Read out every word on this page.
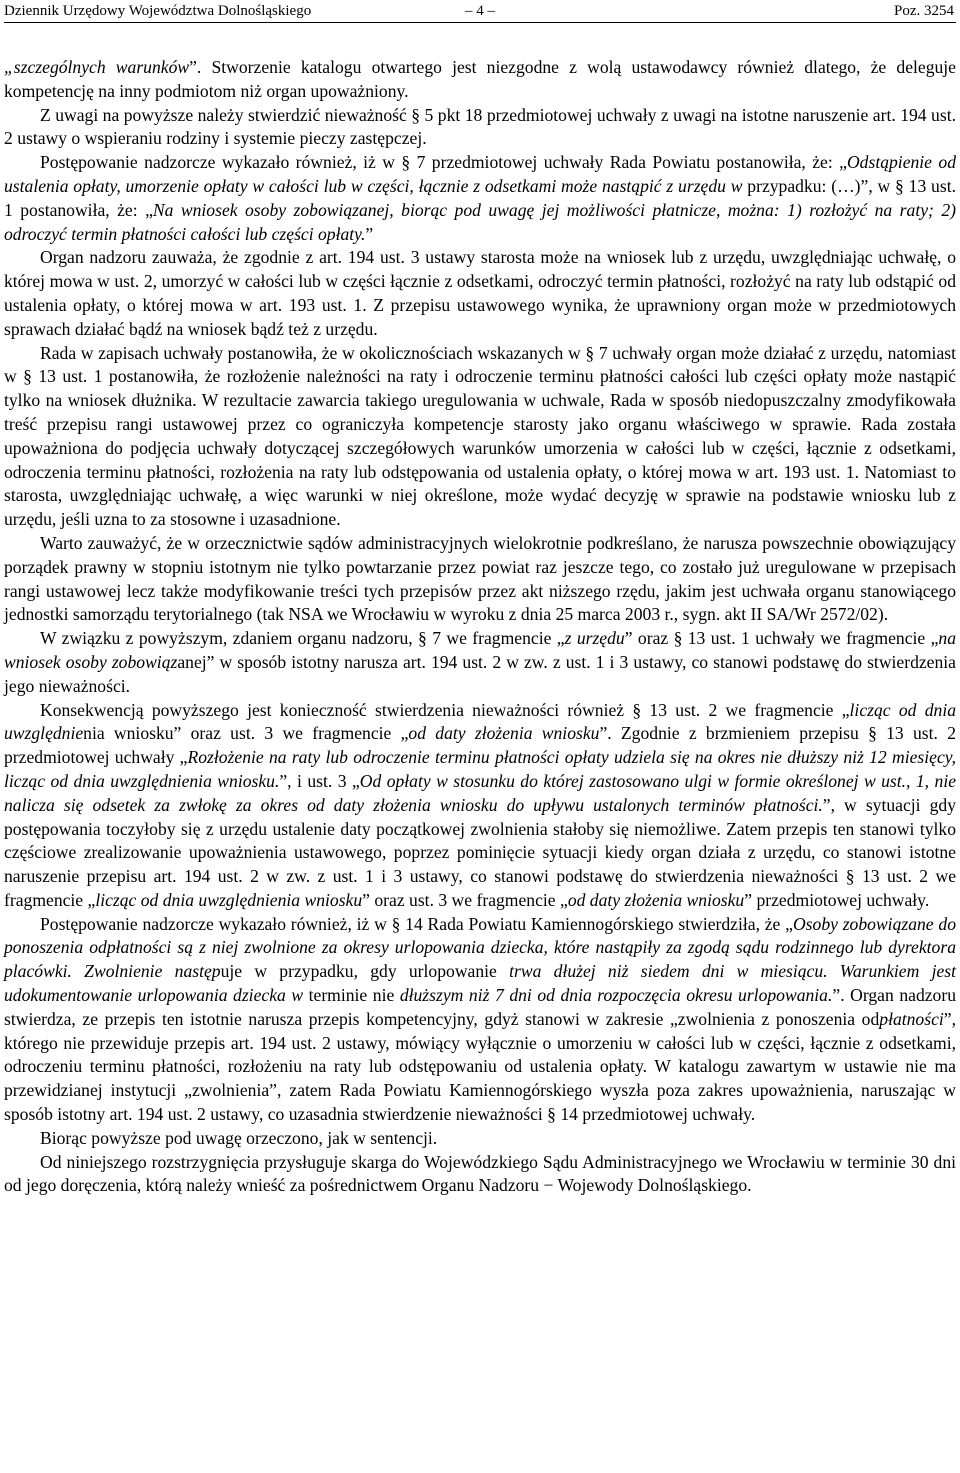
Dziennik Urzędowy Województwa Dolnośląskiego	– 4 –	Poz. 3254

„szczególnych warunków”. Stworzenie katalogu otwartego jest niezgodne z wolą ustawodawcy również dlatego, że deleguje kompetencję na inny podmiotom niż organ upoważniony.

Z uwagi na powyższe należy stwierdzić nieważność § 5 pkt 18 przedmiotowej uchwały z uwagi na istotne naruszenie art. 194 ust. 2 ustawy o wspieraniu rodziny i systemie pieczy zastępczej.

Postępowanie nadzorcze wykazało również, iż w § 7 przedmiotowej uchwały Rada Powiatu postanowiła, że: „Odstąpienie od ustalenia opłaty, umorzenie opłaty w całości lub w części, łącznie z odsetkami może nastąpić z urzędu w przypadku: (…)”, w § 13 ust. 1 postanowiła, że: „Na wniosek osoby zobowiązanej, biorąc pod uwagę jej możliwości płatnicze, można: 1) rozłożyć na raty; 2) odroczyć termin płatności całości lub części opłaty.”

Organ nadzoru zauważa, że zgodnie z art. 194 ust. 3 ustawy starosta może na wniosek lub z urzędu, uwzględniając uchwałę, o której mowa w ust. 2, umorzyć w całości lub w części łącznie z odsetkami, odroczyć termin płatności, rozłożyć na raty lub odstąpić od ustalenia opłaty, o której mowa w art. 193 ust. 1. Z przepisu ustawowego wynika, że uprawniony organ może w przedmiotowych sprawach działać bądź na wniosek bądź też z urzędu.

Rada w zapisach uchwały postanowiła, że w okolicznościach wskazanych w § 7 uchwały organ może działać z urzędu, natomiast w § 13 ust. 1 postanowiła, że rozłożenie należności na raty i odroczenie terminu płatności całości lub części opłaty może nastąpić tylko na wniosek dłużnika. W rezultacie zawarcia takiego uregulowania w uchwale, Rada w sposób niedopuszczalny zmodyfikowała treść przepisu rangi ustawowej przez co ograniczyła kompetencje starosty jako organu właściwego w sprawie. Rada została upoważniona do podjęcia uchwały dotyczącej szczegółowych warunków umorzenia w całości lub w części, łącznie z odsetkami, odroczenia terminu płatności, rozłożenia na raty lub odstępowania od ustalenia opłaty, o której mowa w art. 193 ust. 1. Natomiast to starosta, uwzględniając uchwałę, a więc warunki w niej określone, może wydać decyzję w sprawie na podstawie wniosku lub z urzędu, jeśli uzna to za stosowne i uzasadnione.

Warto zauważyć, że w orzecznictwie sądów administracyjnych wielokrotnie podkreślano, że narusza powszechnie obowiązujący porządek prawny w stopniu istotnym nie tylko powtarzanie przez powiat raz jeszcze tego, co zostało już uregulowane w przepisach rangi ustawowej lecz także modyfikowanie treści tych przepisów przez akt niższego rzędu, jakim jest uchwała organu stanowiącego jednostki samorządu terytorialnego (tak NSA we Wrocławiu w wyroku z dnia 25 marca 2003 r., sygn. akt II SA/Wr 2572/02).

W związku z powyższym, zdaniem organu nadzoru, § 7 we fragmencie „z urzędu” oraz § 13 ust. 1 uchwały we fragmencie „na wniosek osoby zobowiązanej” w sposób istotny narusza art. 194 ust. 2 w zw. z ust. 1 i 3 ustawy, co stanowi podstawę do stwierdzenia jego nieważności.

Konsekwencją powyższego jest konieczność stwierdzenia nieważności również § 13 ust. 2 we fragmencie „licząc od dnia uwzględnienia wniosku” oraz ust. 3 we fragmencie „od daty złożenia wniosku”. Zgodnie z brzmieniem przepisu § 13 ust. 2 przedmiotowej uchwały „Rozłożenie na raty lub odroczenie terminu płatności opłaty udziela się na okres nie dłuższy niż 12 miesięcy, licząc od dnia uwzględnienia wniosku.”, i ust. 3 „Od opłaty w stosunku do której zastosowano ulgi w formie określonej w ust., 1, nie nalicza się odsetek za zwłokę za okres od daty złożenia wniosku do upływu ustalonych terminów płatności.”, w sytuacji gdy postępowania toczyłoby się z urzędu ustalenie daty początkowej zwolnienia stałoby się niemożliwe. Zatem przepis ten stanowi tylko częściowe zrealizowanie upoważnienia ustawowego, poprzez pominięcie sytuacji kiedy organ działa z urzędu, co stanowi istotne naruszenie przepisu art. 194 ust. 2 w zw. z ust. 1 i 3 ustawy, co stanowi podstawę do stwierdzenia nieważności § 13 ust. 2 we fragmencie „licząc od dnia uwzględnienia wniosku” oraz ust. 3 we fragmencie „od daty złożenia wniosku” przedmiotowej uchwały.

Postępowanie nadzorcze wykazało również, iż w § 14 Rada Powiatu Kamiennogórskiego stwierdziła, że „Osoby zobowiązane do ponoszenia odpłatności są z niej zwolnione za okresy urlopowania dziecka, które nastąpiły za zgodą sądu rodzinnego lub dyrektora placówki. Zwolnienie następuje w przypadku, gdy urlopowanie trwa dłużej niż siedem dni w miesiącu. Warunkiem jest udokumentowanie urlopowania dziecka w terminie nie dłuższym niż 7 dni od dnia rozpoczęcia okresu urlopowania.”. Organ nadzoru stwierdza, ze przepis ten istotnie narusza przepis kompetencyjny, gdyż stanowi w zakresie „zwolnienia z ponoszenia odpłatności”, którego nie przewiduje przepis art. 194 ust. 2 ustawy, mówiący wyłącznie o umorzeniu w całości lub w części, łącznie z odsetkami, odroczeniu terminu płatności, rozłożeniu na raty lub odstępowaniu od ustalenia opłaty. W katalogu zawartym w ustawie nie ma przewidzianej instytucji „zwolnienia”, zatem Rada Powiatu Kamiennogórskiego wyszła poza zakres upoważnienia, naruszając w sposób istotny art. 194 ust. 2 ustawy, co uzasadnia stwierdzenie nieważności § 14 przedmiotowej uchwały.

Biorąc powyższe pod uwagę orzeczono, jak w sentencji.

Od niniejszego rozstrzygnięcia przysługuje skarga do Wojewódzkiego Sądu Administracyjnego we Wrocławiu w terminie 30 dni od jego doręczenia, którą należy wnieść za pośrednictwem Organu Nadzoru − Wojewody Dolnośląskiego.
